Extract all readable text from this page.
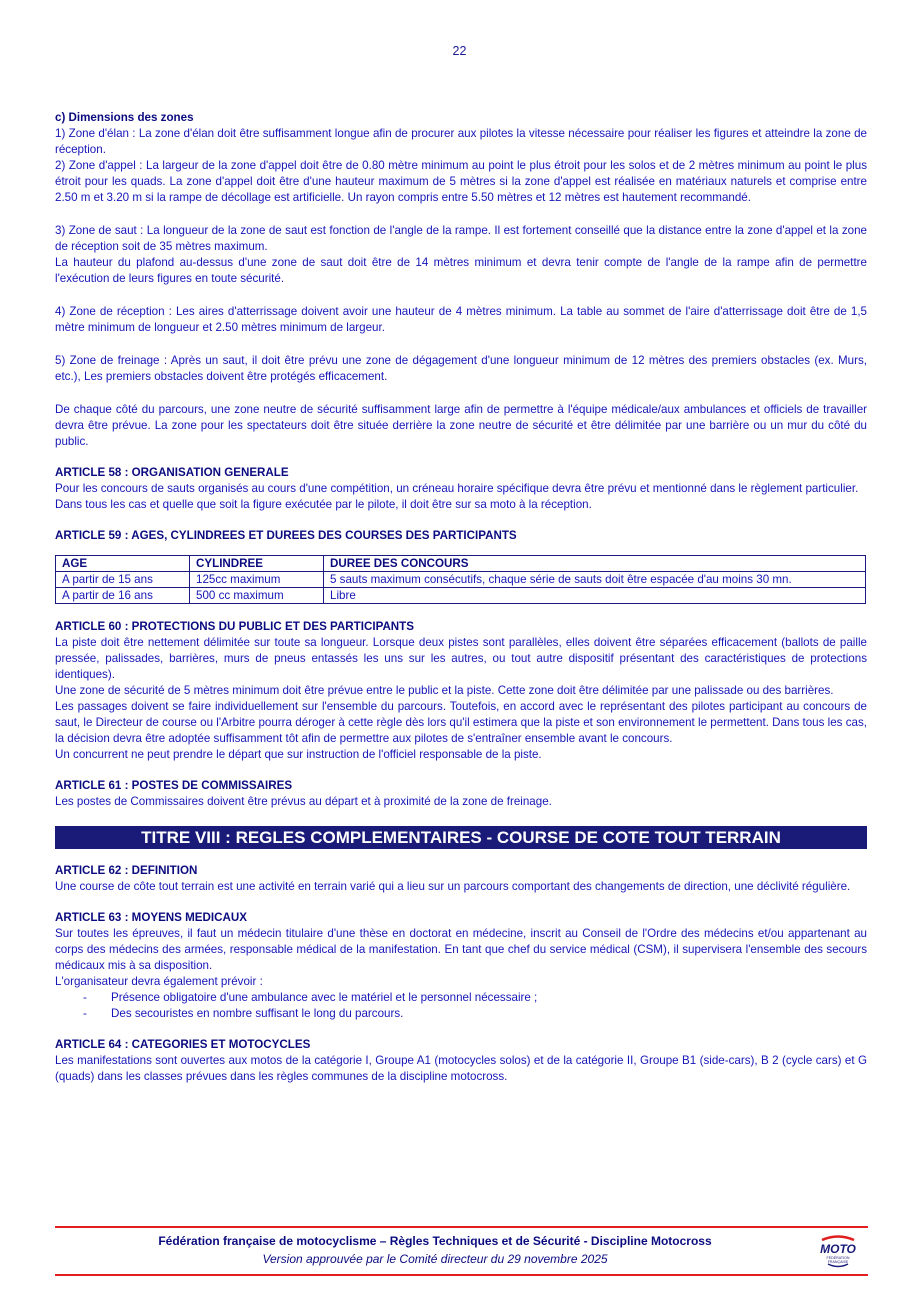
22

c) Dimensions des zones

1) Zone d'élan : La zone d'élan doit être suffisamment longue afin de procurer aux pilotes la vitesse nécessaire pour réaliser les figures et atteindre la zone de réception.

2) Zone d'appel : La largeur de la zone d'appel doit être de 0.80 mètre minimum au point le plus étroit pour les solos et de 2 mètres minimum au point le plus étroit pour les quads. La zone d'appel doit être d'une hauteur maximum de 5 mètres si la zone d'appel est réalisée en matériaux naturels et comprise entre 2.50 m et 3.20 m si la rampe de décollage est artificielle. Un rayon compris entre 5.50 mètres et 12 mètres est hautement recommandé.

3) Zone de saut : La longueur de la zone de saut est fonction de l'angle de la rampe. Il est fortement conseillé que la distance entre la zone d'appel et la zone de réception soit de 35 mètres maximum.

La hauteur du plafond au-dessus d'une zone de saut doit être de 14 mètres minimum et devra tenir compte de l'angle de la rampe afin de permettre l'exécution de leurs figures en toute sécurité.

4) Zone de réception : Les aires d'atterrissage doivent avoir une hauteur de 4 mètres minimum. La table au sommet de l'aire d'atterrissage doit être de 1,5 mètre minimum de longueur et 2.50 mètres minimum de largeur.

5) Zone de freinage : Après un saut, il doit être prévu une zone de dégagement d'une longueur minimum de 12 mètres des premiers obstacles (ex. Murs, etc.), Les premiers obstacles doivent être protégés efficacement.

De chaque côté du parcours, une zone neutre de sécurité suffisamment large afin de permettre à l'équipe médicale/aux ambulances et officiels de travailler devra être prévue. La zone pour les spectateurs doit être située derrière la zone neutre de sécurité et être délimitée par une barrière ou un mur du côté du public.

ARTICLE 58 : ORGANISATION GENERALE

Pour les concours de sauts organisés au cours d'une compétition, un créneau horaire spécifique devra être prévu et mentionné dans le règlement particulier.

Dans tous les cas et quelle que soit la figure exécutée par le pilote, il doit être sur sa moto à la réception.

ARTICLE 59 : AGES, CYLINDREES ET DUREES DES COURSES DES PARTICIPANTS

AGE	CYLINDREE	DUREE DES CONCOURS
A partir de 15 ans	125cc maximum	5 sauts maximum consécutifs, chaque série de sauts doit être espacée d'au moins 30 mn.
A partir de 16 ans	500 cc maximum	Libre

ARTICLE 60 : PROTECTIONS DU PUBLIC ET DES PARTICIPANTS

La piste doit être nettement délimitée sur toute sa longueur. Lorsque deux pistes sont parallèles, elles doivent être séparées efficacement (ballots de paille pressée, palissades, barrières, murs de pneus entassés les uns sur les autres, ou tout autre dispositif présentant des caractéristiques de protections identiques).

Une zone de sécurité de 5 mètres minimum doit être prévue entre le public et la piste. Cette zone doit être délimitée par une palissade ou des barrières.

Les passages doivent se faire individuellement sur l'ensemble du parcours. Toutefois, en accord avec le représentant des pilotes participant au concours de saut, le Directeur de course ou l'Arbitre pourra déroger à cette règle dès lors qu'il estimera que la piste et son environnement le permettent. Dans tous les cas, la décision devra être adoptée suffisamment tôt afin de permettre aux pilotes de s'entraîner ensemble avant le concours.

Un concurrent ne peut prendre le départ que sur instruction de l'officiel responsable de la piste.

ARTICLE 61 : POSTES DE COMMISSAIRES

Les postes de Commissaires doivent être prévus au départ et à proximité de la zone de freinage.

TITRE VIII : REGLES COMPLEMENTAIRES - COURSE DE COTE TOUT TERRAIN

ARTICLE 62 : DEFINITION

Une course de côte tout terrain est une activité en terrain varié qui a lieu sur un parcours comportant des changements de direction, une déclivité régulière.

ARTICLE 63 : MOYENS MEDICAUX

Sur toutes les épreuves, il faut un médecin titulaire d'une thèse en doctorat en médecine, inscrit au Conseil de l'Ordre des médecins et/ou appartenant au corps des médecins des armées, responsable médical de la manifestation. En tant que chef du service médical (CSM), il supervisera l'ensemble des secours médicaux mis à sa disposition.

L'organisateur devra également prévoir :

- Présence obligatoire d'une ambulance avec le matériel et le personnel nécessaire ;
- Des secouristes en nombre suffisant le long du parcours.

ARTICLE 64 : CATEGORIES ET MOTOCYCLES

Les manifestations sont ouvertes aux motos de la catégorie I, Groupe A1 (motocycles solos) et de la catégorie II, Groupe B1 (side-cars), B 2 (cycle cars) et G (quads) dans les classes prévues dans les règles communes de la discipline motocross.

Fédération française de motocyclisme – Règles Techniques et de Sécurité - Discipline Motocross
Version approuvée par le Comité directeur du 29 novembre 2025
MOTO
FÉDÉRATION
FRANÇAISE
